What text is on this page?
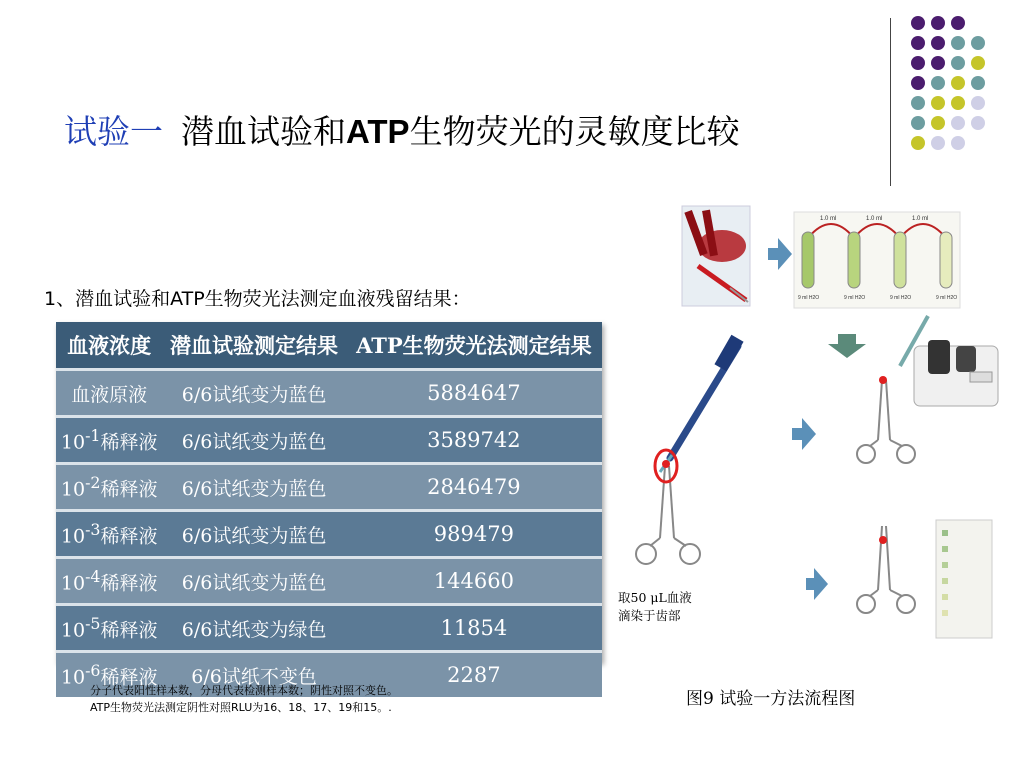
试验一 潜血试验和ATP生物荧光的灵敏度比较
1、潜血试验和ATP生物荧光法测定血液残留结果：
血液浓度	潜血试验测定结果	ATP生物荧光法测定结果
血液原液	6/6试纸变为蓝色	5884647
$10^{-1}$稀释液	6/6试纸变为蓝色	3589742
$10^{-2}$稀释液	6/6试纸变为蓝色	2846479
$10^{-3}$稀释液	6/6试纸变为蓝色	989479
$10^{-4}$稀释液	6/6试纸变为蓝色	144660
$10^{-5}$稀释液	6/6试纸变为绿色	11854
$10^{-6}$稀释液	6/6试纸不变色	2287
分子代表阳性样本数，分母代表检测样本数；阴性对照不变色。
ATP生物荧光法测定阴性对照RLU为16、18、17、19和15。.
1.0 ml	1.0 ml	1.0 ml
9 ml H2O	9 ml H2O	9 ml H2O	9 ml H2O
取50 μL血液
滴染于齿部
图9 试验一方法流程图
